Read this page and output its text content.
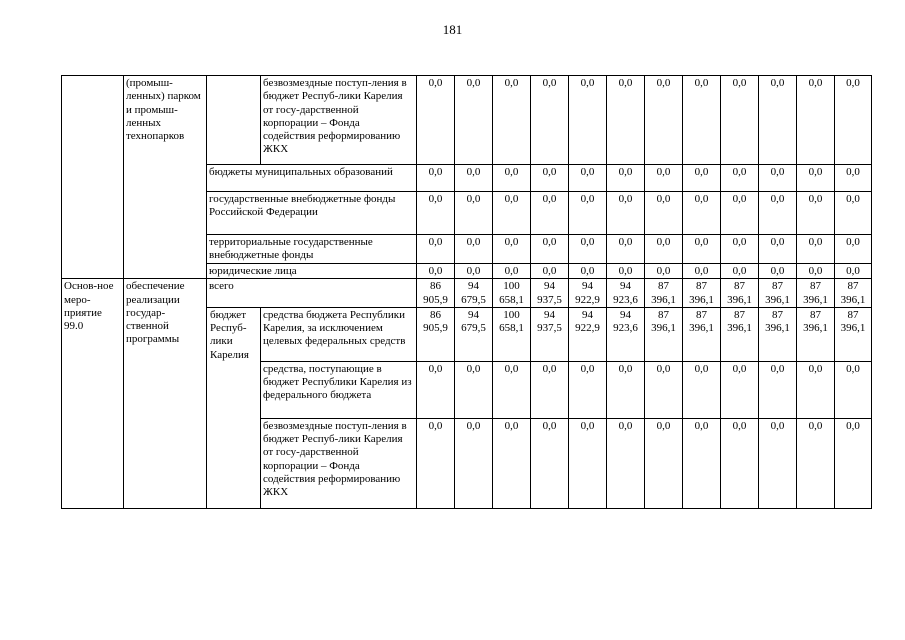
181
	(промыш-ленных) парком и промыш-ленных технопарков		безвозмездные поступ-ления в бюджет Респуб-лики Карелия от госу-дарственной корпорации – Фонда содействия реформированию ЖКХ	0,0	0,0	0,0	0,0	0,0	0,0	0,0	0,0	0,0	0,0	0,0	0,0
		бюджеты муниципальных образований		0,0	0,0	0,0	0,0	0,0	0,0	0,0	0,0	0,0	0,0	0,0	0,0
		государственные внебюджетные фонды Российской Федерации		0,0	0,0	0,0	0,0	0,0	0,0	0,0	0,0	0,0	0,0	0,0	0,0
		территориальные государственные внебюджетные фонды		0,0	0,0	0,0	0,0	0,0	0,0	0,0	0,0	0,0	0,0	0,0	0,0
		юридические лица		0,0	0,0	0,0	0,0	0,0	0,0	0,0	0,0	0,0	0,0	0,0	0,0
Основ-ное меро-приятие 99.0	обеспечение реализации государ-ственной программы	всего		86 905,9	94 679,5	100 658,1	94 937,5	94 922,9	94 923,6	87 396,1	87 396,1	87 396,1	87 396,1	87 396,1	87 396,1
		бюджет Респуб-лики Карелия	средства бюджета Республики Карелия, за исключением целевых федеральных средств	86 905,9	94 679,5	100 658,1	94 937,5	94 922,9	94 923,6	87 396,1	87 396,1	87 396,1	87 396,1	87 396,1	87 396,1
			средства, поступающие в бюджет Республики Карелия из федерального бюджета	0,0	0,0	0,0	0,0	0,0	0,0	0,0	0,0	0,0	0,0	0,0	0,0
			безвозмездные поступ-ления в бюджет Респуб-лики Карелия от госу-дарственной корпорации – Фонда содействия реформированию ЖКХ	0,0	0,0	0,0	0,0	0,0	0,0	0,0	0,0	0,0	0,0	0,0	0,0
